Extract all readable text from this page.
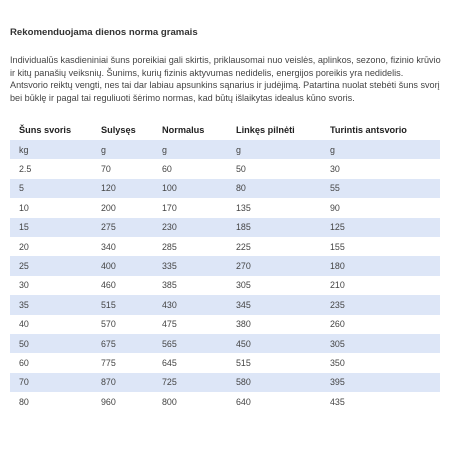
Rekomenduojama dienos norma gramais

Individualūs kasdieniniai šuns poreikiai gali skirtis, priklausomai nuo veislės, aplinkos, sezono, fizinio krūvio
ir kitų panašių veiksnių. Šunims, kurių fizinis aktyvumas nedidelis, energijos poreikis yra nedidelis.
Antsvorio reiktų vengti, nes tai dar labiau apsunkins sąnarius ir judėjimą. Patartina nuolat stebėti šuns svorį
bei būklę ir pagal tai reguliuoti šėrimo normas, kad būtų išlaikytas idealus kūno svoris.

Šuns svoris	Sulysęs	Normalus	Linkęs pilnėti	Turintis antsvorio
kg	g	g	g	g
2.5	70	60	50	30
5	120	100	80	55
10	200	170	135	90
15	275	230	185	125
20	340	285	225	155
25	400	335	270	180
30	460	385	305	210
35	515	430	345	235
40	570	475	380	260
50	675	565	450	305
60	775	645	515	350
70	870	725	580	395
80	960	800	640	435
